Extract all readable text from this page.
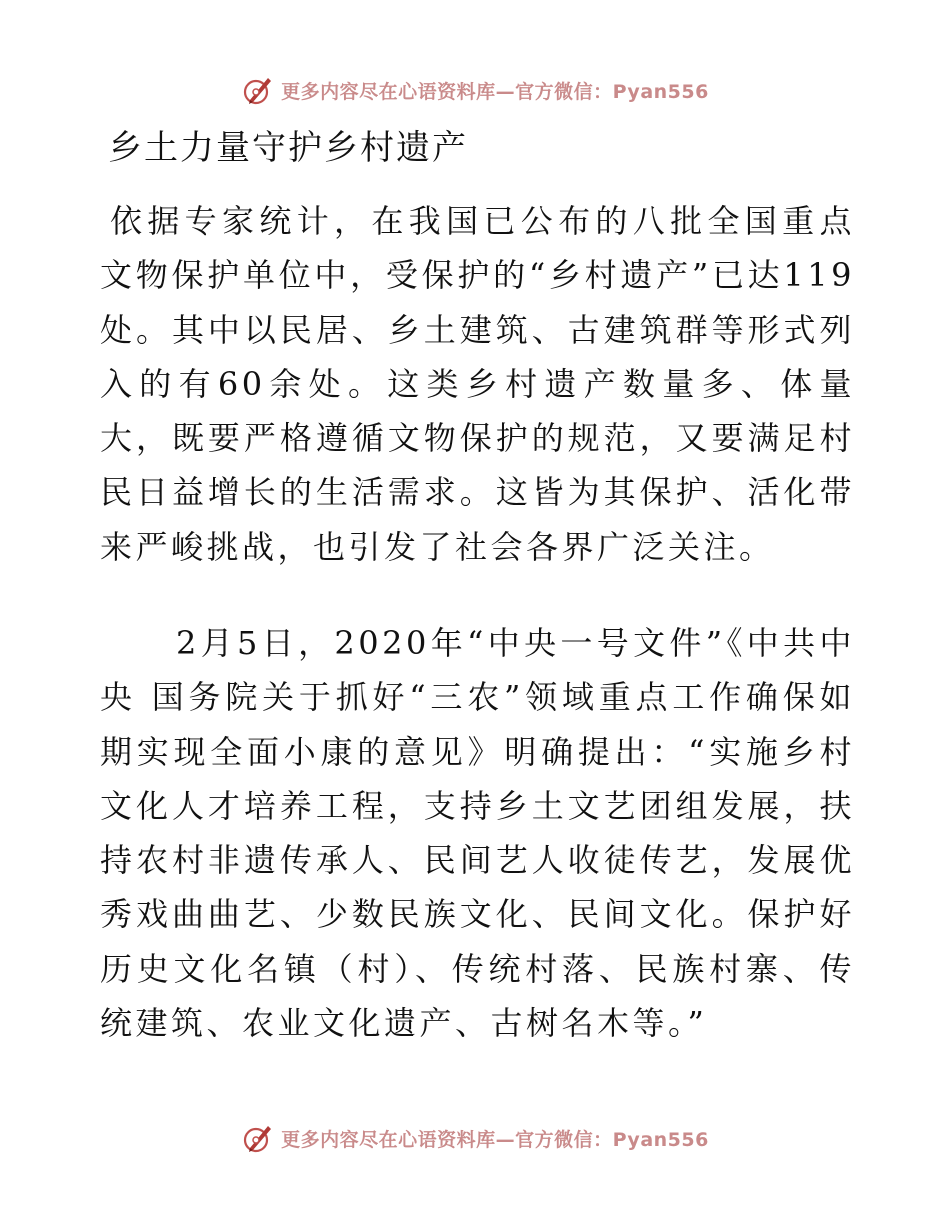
更多内容尽在心语资料库—官方微信：Pyan556
乡土力量守护乡村遗产
依据专家统计，在我国已公布的八批全国重点文物保护单位中，受保护的“乡村遗产”已达119处。其中以民居、乡土建筑、古建筑群等形式列入的有60余处。这类乡村遗产数量多、体量大，既要严格遵循文物保护的规范，又要满足村民日益增长的生活需求。这皆为其保护、活化带来严峻挑战，也引发了社会各界广泛关注。
2月5日，2020年“中央一号文件”《中共中央 国务院关于抓好“三农”领域重点工作确保如期实现全面小康的意见》明确提出：“实施乡村文化人才培养工程，支持乡土文艺团组发展，扶持农村非遗传承人、民间艺人收徒传艺，发展优秀戏曲曲艺、少数民族文化、民间文化。保护好历史文化名镇（村）、传统村落、民族村寨、传统建筑、农业文化遗产、古树名木等。”
更多内容尽在心语资料库—官方微信：Pyan556
